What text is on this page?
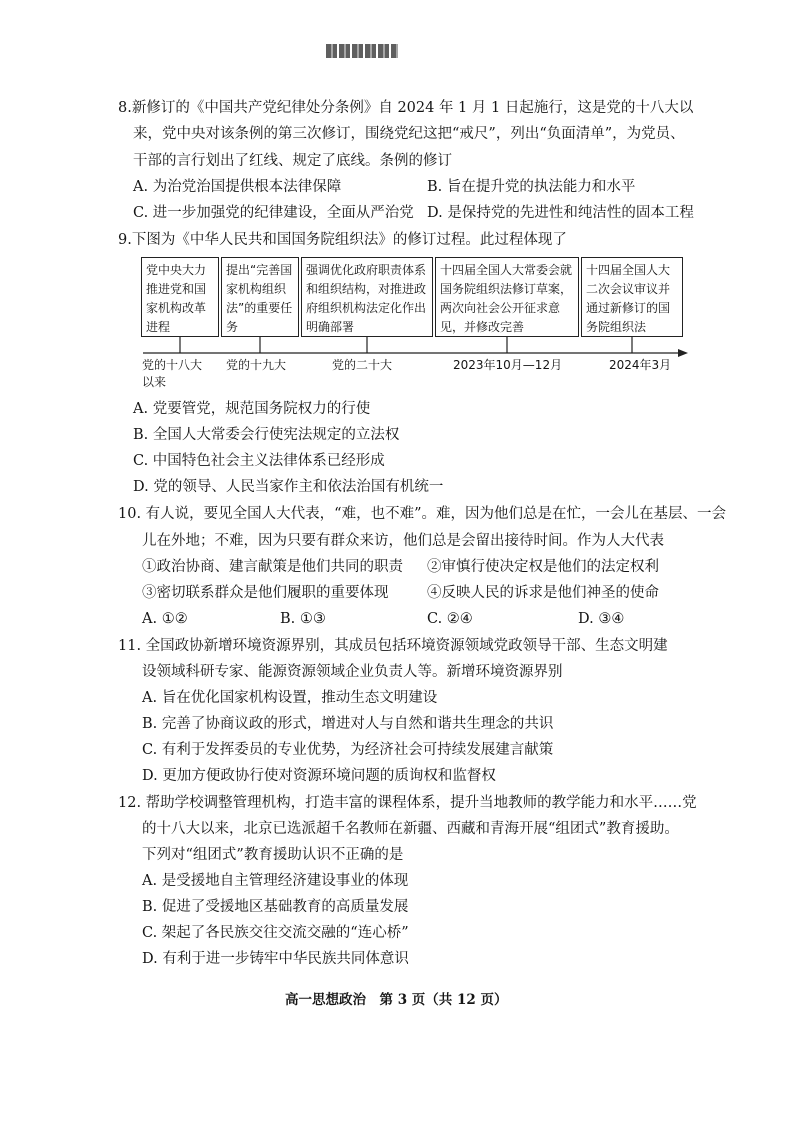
8.新修订的《中国共产党纪律处分条例》自 2024 年 1 月 1 日起施行，这是党的十八大以

来，党中央对该条例的第三次修订，围绕党纪这把“戒尺”，列出“负面清单”，为党员、

干部的言行划出了红线、规定了底线。条例的修订

A. 为治党治国提供根本法律保障	B. 旨在提升党的执法能力和水平
C. 进一步加强党的纪律建设，全面从严治党 D. 是保持党的先进性和纯洁性的固本工程

9.下图为《中华人民共和国国务院组织法》的修订过程。此过程体现了

党中央大力推进党和国家机构改革进程
提出“完善国家机构组织法”的重要任务
强调优化政府职责体系和组织结构，对推进政府组织机构法定化作出明确部署
十四届全国人大常委会就国务院组织法修订草案，两次向社会公开征求意见，并修改完善
十四届全国人大二次会议审议并通过新修订的国务院组织法
党的十八大以来
党的十九大	党的二十大	2023年10月—12月	2024年3月
A. 党要管党，规范国务院权力的行使
B. 全国人大常委会行使宪法规定的立法权
C. 中国特色社会主义法律体系已经形成
D. 党的领导、人民当家作主和依法治国有机统一

10. 有人说，要见全国人大代表，“难，也不难”。难，因为他们总是在忙，一会儿在基层、一会

儿在外地；不难，因为只要有群众来访，他们总是会留出接待时间。作为人大代表

①政治协商、建言献策是他们共同的职责 ②审慎行使决定权是他们的法定权利
③密切联系群众是他们履职的重要体现	④反映人民的诉求是他们神圣的使命
A. ①②	B. ①③	C. ②④	D. ③④

11. 全国政协新增环境资源界别，其成员包括环境资源领域党政领导干部、生态文明建

设领域科研专家、能源资源领域企业负责人等。新增环境资源界别

A. 旨在优化国家机构设置，推动生态文明建设
B. 完善了协商议政的形式，增进对人与自然和谐共生理念的共识
C. 有利于发挥委员的专业优势，为经济社会可持续发展建言献策
D. 更加方便政协行使对资源环境问题的质询权和监督权

12. 帮助学校调整管理机构，打造丰富的课程体系，提升当地教师的教学能力和水平……党

的十八大以来，北京已选派超千名教师在新疆、西藏和青海开展“组团式”教育援助。

下列对“组团式”教育援助认识不正确的是

A. 是受援地自主管理经济建设事业的体现
B. 促进了受援地区基础教育的高质量发展
C. 架起了各民族交往交流交融的“连心桥”
D. 有利于进一步铸牢中华民族共同体意识

高一思想政治　第 3 页（共 12 页）
